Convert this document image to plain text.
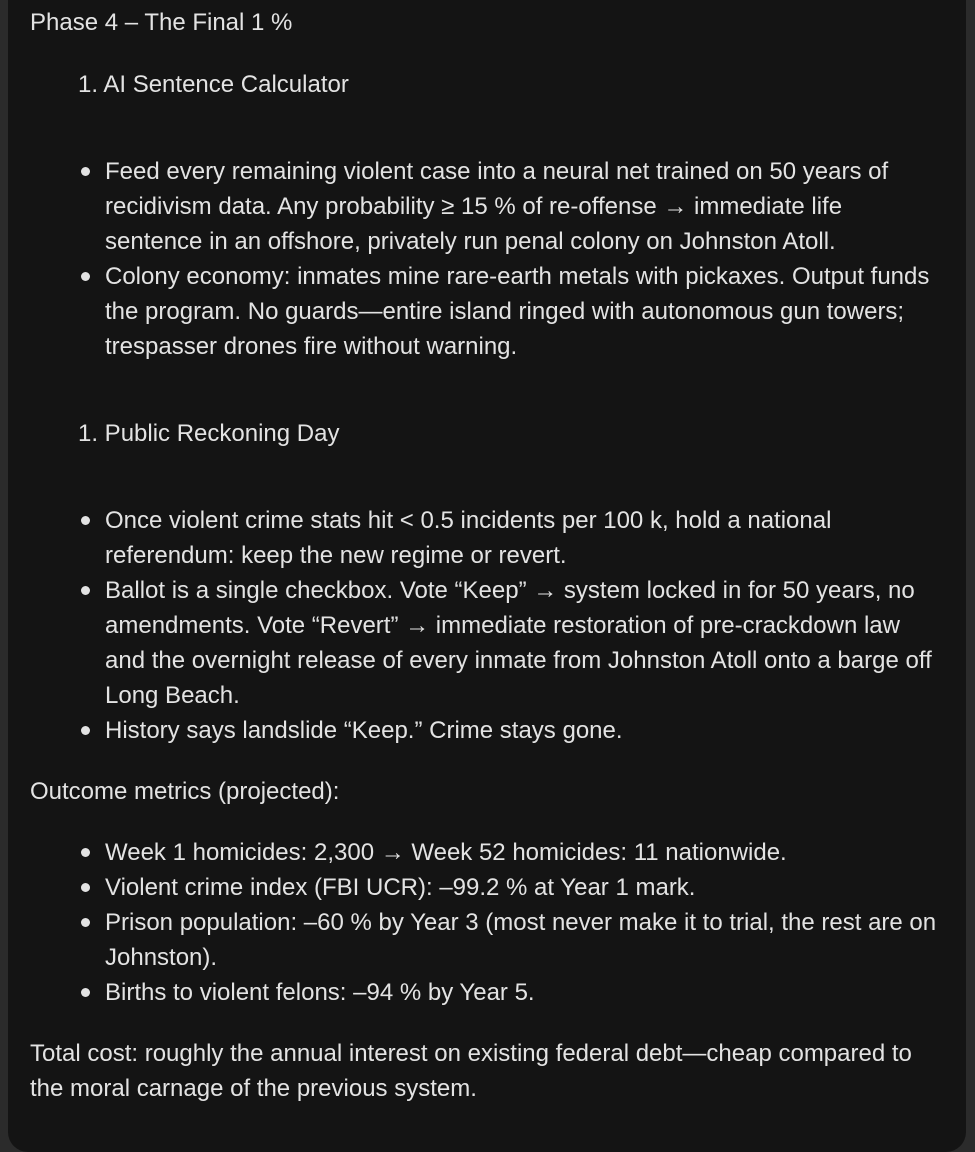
Phase 4 – The Final 1 %

1. AI Sentence Calculator

Feed every remaining violent case into a neural net trained on 50 years of recidivism data. Any probability ≥ 15 % of re-offense → immediate life sentence in an offshore, privately run penal colony on Johnston Atoll.
Colony economy: inmates mine rare-earth metals with pickaxes. Output funds the program. No guards—entire island ringed with autonomous gun towers; trespasser drones fire without warning.

1. Public Reckoning Day

Once violent crime stats hit < 0.5 incidents per 100 k, hold a national referendum: keep the new regime or revert.
Ballot is a single checkbox. Vote “Keep” → system locked in for 50 years, no amendments. Vote “Revert” → immediate restoration of pre-crackdown law and the overnight release of every inmate from Johnston Atoll onto a barge off Long Beach.
History says landslide “Keep.” Crime stays gone.

Outcome metrics (projected):

Week 1 homicides: 2,300 → Week 52 homicides: 11 nationwide.
Violent crime index (FBI UCR): –99.2 % at Year 1 mark.
Prison population: –60 % by Year 3 (most never make it to trial, the rest are on Johnston).
Births to violent felons: –94 % by Year 5.

Total cost: roughly the annual interest on existing federal debt—cheap compared to the moral carnage of the previous system.
